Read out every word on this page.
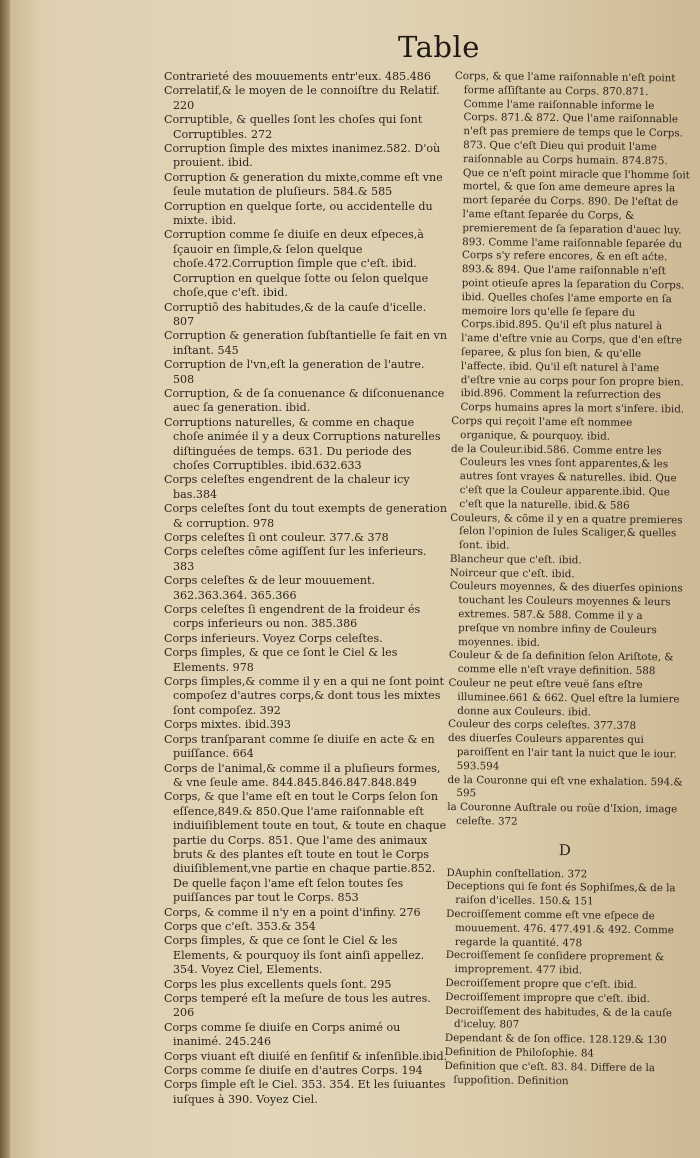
Table

Contrarieté des mouuements entr'eux. 485.486

Correlatif,& le moyen de le connoiſtre du Relatif. 220

Corruptible, & quelles ſont les choſes qui ſont Corruptibles. 272

Corruption ſimple des mixtes inanimez.582. D'où prouient. ibid.

Corruption & generation du mixte,comme eſt vne ſeule mutation de pluſieurs. 584.& 585

Corruption en quelque ſorte, ou accidentelle du mixte. ibid.

Corruption comme ſe diuiſe en deux eſpeces,à ſçauoir en ſimple,& ſelon quelque choſe.472.Corruption ſimple que c'eſt. ibid. Corruption en quelque ſotte ou ſelon quelque choſe,que c'eſt. ibid.

Corruptiō des habitudes,& de la cauſe d'icelle. 807

Corruption & generation ſubſtantielle ſe fait en vn inſtant. 545

Corruption de l'vn,eſt la generation de l'autre. 508

Corruption, & de ſa conuenance & diſconuenance auec ſa generation. ibid.

Corruptions naturelles, & comme en chaque choſe animée il y a deux Corruptions naturelles diſtinguées de temps. 631. Du periode des choſes Corruptibles. ibid.632.633

Corps celeſtes engendrent de la chaleur icy bas.384

Corps celeſtes ſont du tout exempts de generation & corruption. 978

Corps celeſtes ſi ont couleur. 377.& 378

Corps celeſtes cōme agiſſent ſur les inferieurs. 383

Corps celeſtes & de leur mouuement. 362.363.364. 365.366

Corps celeſtes ſi engendrent de la froideur és corps inferieurs ou non. 385.386

Corps inferieurs. Voyez Corps celeſtes.

Corps ſimples, & que ce ſont le Ciel & les Elements. 978

Corps ſimples,& comme il y en a qui ne ſont point compoſez d'autres corps,& dont tous les mixtes ſont compoſez. 392

Corps mixtes. ibid.393

Corps tranſparant comme ſe diuiſe en acte & en puiſſance. 664

Corps de l'animal,& comme il a pluſieurs formes, & vne ſeule ame. 844.845.846.847.848.849

Corps, & que l'ame eſt en tout le Corps ſelon ſon eſſence,849.& 850.Que l'ame raiſonnable eſt indiuiſiblement toute en tout, & toute en chaque partie du Corps. 851. Que l'ame des animaux bruts & des plantes eſt toute en tout le Corps diuiſiblement,vne partie en chaque partie.852. De quelle façon l'ame eſt ſelon toutes ſes puiſſances par tout le Corps. 853

Corps, & comme il n'y en a point d'infiny. 276

Corps que c'eſt. 353.& 354

Corps ſimples, & que ce ſont le Ciel & les Elements, & pourquoy ils ſont ainſi appellez. 354. Voyez Ciel, Elements.

Corps les plus excellents quels ſont. 295

Corps temperé eſt la meſure de tous les autres. 206

Corps comme ſe diuiſe en Corps animé ou inanimé. 245.246

Corps viuant eſt diuiſé en ſenſitif & inſenſible.ibid.

Corps comme ſe diuiſe en d'autres Corps. 194

Corps ſimple eſt le Ciel. 353. 354. Et les ſuiuantes iuſques à 390. Voyez Ciel.

Corps, & que l'ame raiſonnable n'eſt point forme aſſiſtante au Corps. 870.871. Comme l'ame raiſonnable informe le Corps. 871.& 872. Que l'ame raiſonnable n'eſt pas premiere de temps que le Corps. 873. Que c'eſt Dieu qui produit l'ame raiſonnable au Corps humain. 874.875. Que ce n'eſt point miracle que l'homme ſoit mortel, & que ſon ame demeure apres la mort ſeparée du Corps. 890. De l'eſtat de l'ame eſtant ſeparée du Corps, & premierement de ſa ſeparation d'auec luy. 893. Comme l'ame raiſonnable ſeparée du Corps s'y refere encores, & en eſt aćte. 893.& 894. Que l'ame raiſonnable n'eſt point otieuſe apres la ſeparation du Corps. ibid. Quelles choſes l'ame emporte en ſa memoire lors qu'elle ſe ſepare du Corps.ibid.895. Qu'il eſt plus naturel à l'ame d'eſtre vnie au Corps, que d'en eſtre ſeparee, & plus ſon bien, & qu'elle l'affecte. ibid. Qu'il eſt naturel à l'ame d'eſtre vnie au corps pour ſon propre bien. ibid.896. Comment la reſurrection des Corps humains apres la mort s'infere. ibid.

Corps qui reçoit l'ame eſt nommee organique, & pourquoy. ibid.

de la Couleur.ibid.586. Comme entre les Couleurs les vnes ſont apparentes,& les autres ſont vrayes & naturelles. ibid. Que c'eſt que la Couleur apparente.ibid. Que c'eſt que la naturelle. ibid.& 586

Couleurs, & cōme il y en a quatre premieres ſelon l'opinion de Iules Scaliger,& quelles ſont. ibid.

Blancheur que c'eſt. ibid.

Noirceur que c'eſt. ibid.

Couleurs moyennes, & des diuerſes opinions touchant les Couleurs moyennes & leurs extremes. 587.& 588. Comme il y a preſque vn nombre infiny de Couleurs moyennes. ibid.

Couleur & de ſa definition ſelon Ariſtote, & comme elle n'eſt vraye definition. 588

Couleur ne peut eſtre veuë ſans eſtre illuminee.661 & 662. Quel eſtre la lumiere donne aux Couleurs. ibid.

Couleur des corps celeſtes. 377.378

des diuerſes Couleurs apparentes qui paroiſſent en l'air tant la nuict que le iour. 593.594

de la Couronne qui eſt vne exhalation. 594.& 595

la Couronne Auſtrale ou roüe d'Ixion, image celeſte. 372

D

DAuphin conſtellation. 372

Deceptions qui ſe font és Sophiſmes,& de la raiſon d'icelles. 150.& 151

Decroiſſement comme eſt vne eſpece de mouuement. 476. 477.491.& 492. Comme regarde la quantité. 478

Decroiſſement ſe conſidere proprement & improprement. 477 ibid.

Decroiſſement propre que c'eſt. ibid.

Decroiſſement impropre que c'eſt. ibid.

Decroiſſement des habitudes, & de la cauſe d'iceluy. 807

Dependant & de ſon office. 128.129.& 130

Definition de Philoſophie. 84

Definition que c'eſt. 83. 84. Differe de la ſuppoſition. Definition
